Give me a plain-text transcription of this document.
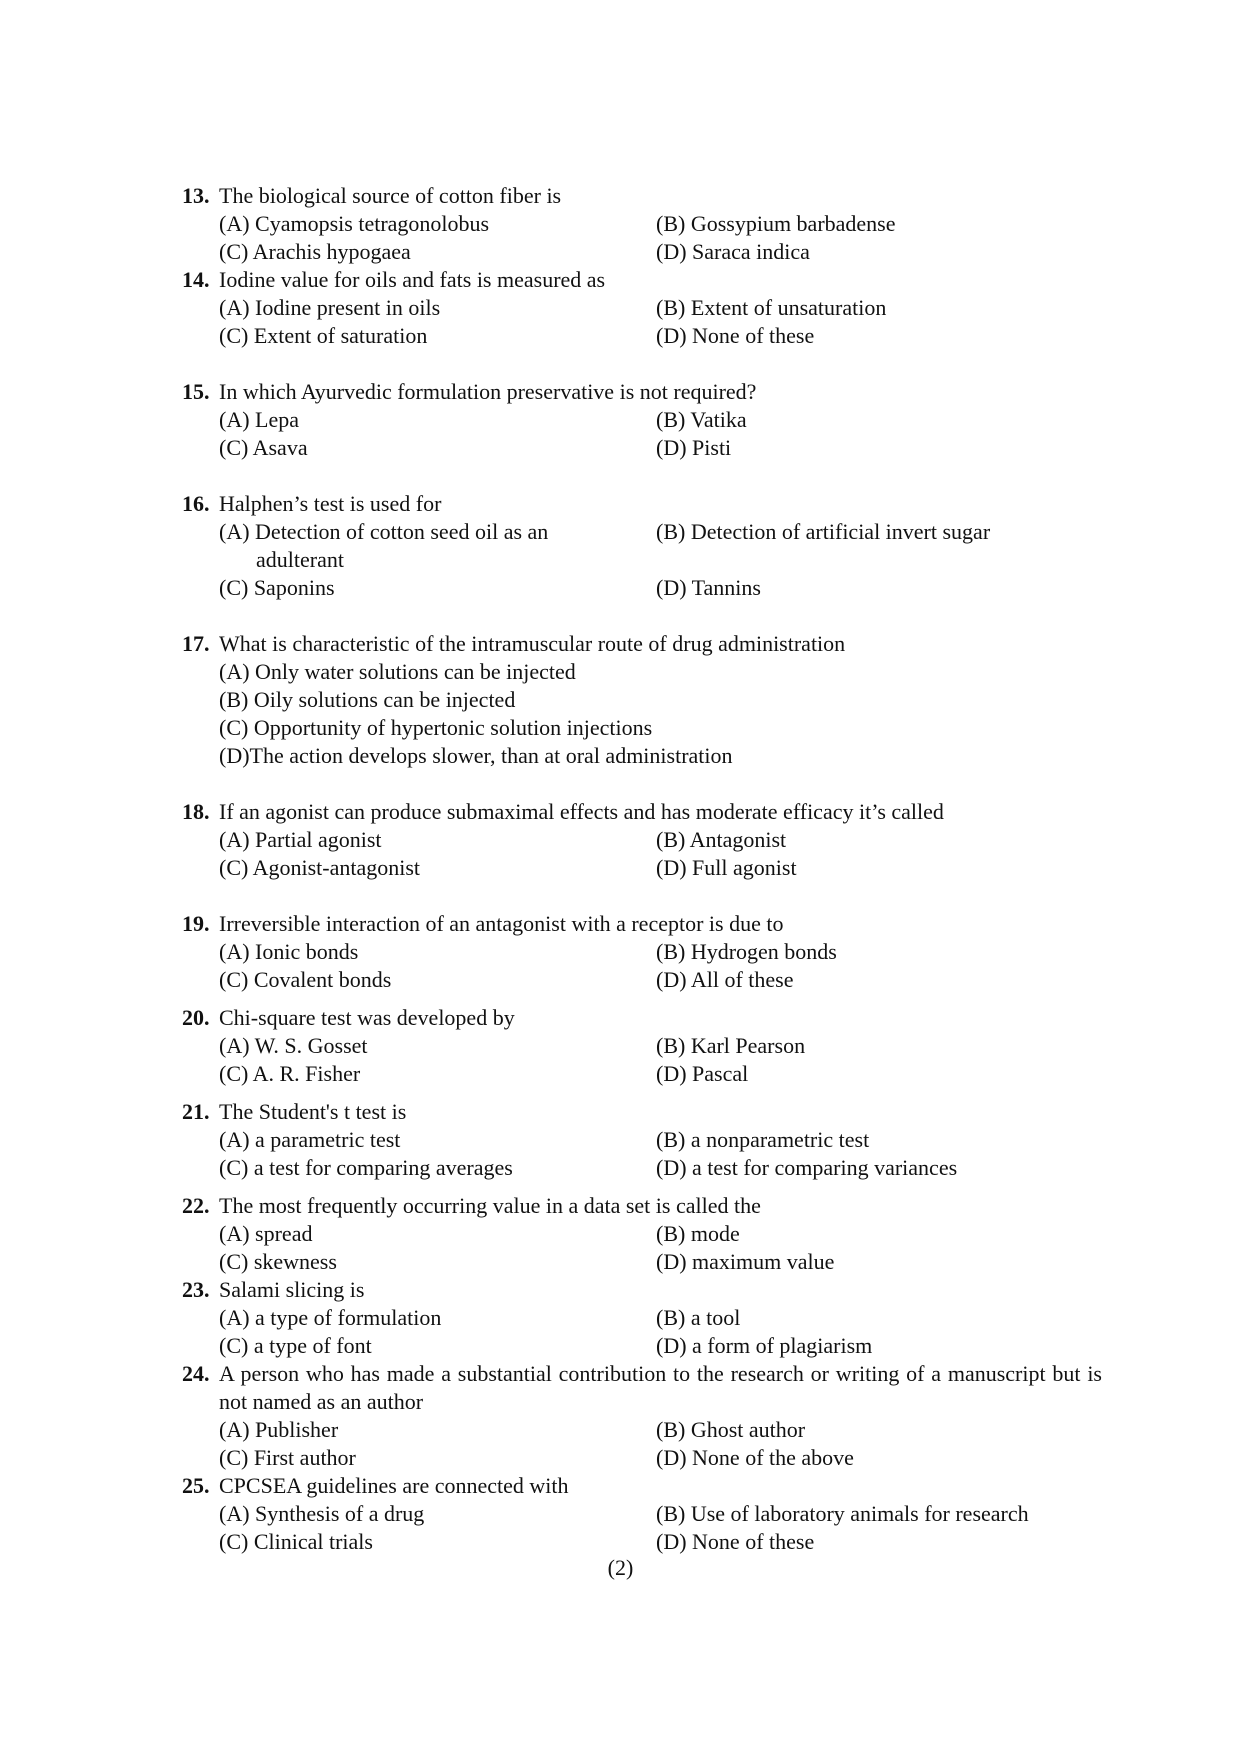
13. The biological source of cotton fiber is
(A) Cyamopsis tetragonolobus	(B) Gossypium barbadense
(C) Arachis hypogaea	(D) Saraca indica
14. Iodine value for oils and fats is measured as
(A) Iodine present in oils	(B) Extent of unsaturation
(C) Extent of saturation	(D) None of these
15. In which Ayurvedic formulation preservative is not required?
(A) Lepa	(B) Vatika
(C) Asava	(D) Pisti
16. Halphen’s test is used for
(A) Detection of cotton seed oil as an adulterant
(B) Detection of artificial invert sugar
(C) Saponins	(D) Tannins
17. What is characteristic of the intramuscular route of drug administration
(A) Only water solutions can be injected
(B) Oily solutions can be injected
(C) Opportunity of hypertonic solution injections
(D)The action develops slower, than at oral administration
18. If an agonist can produce submaximal effects and has moderate efficacy it’s called
(A) Partial agonist	(B) Antagonist
(C) Agonist-antagonist	(D) Full agonist
19. Irreversible interaction of an antagonist with a receptor is due to
(A) Ionic bonds	(B) Hydrogen bonds
(C) Covalent bonds	(D) All of these
20. Chi-square test was developed by
(A) W. S. Gosset	(B) Karl Pearson
(C) A. R. Fisher	(D) Pascal
21. The Student's t test is
(A) a parametric test	(B) a nonparametric test
(C) a test for comparing averages	(D) a test for comparing variances
22. The most frequently occurring value in a data set is called the
(A) spread	(B) mode
(C) skewness	(D) maximum value
23. Salami slicing is
(A) a type of formulation	(B) a tool
(C) a type of font	(D) a form of plagiarism
24. A person who has made a substantial contribution to the research or writing of a manuscript but is not named as an author
(A) Publisher	(B) Ghost author
(C) First author	(D) None of the above
25. CPCSEA guidelines are connected with
(A) Synthesis of a drug	(B) Use of laboratory animals for research
(C) Clinical trials	(D) None of these
(2)
